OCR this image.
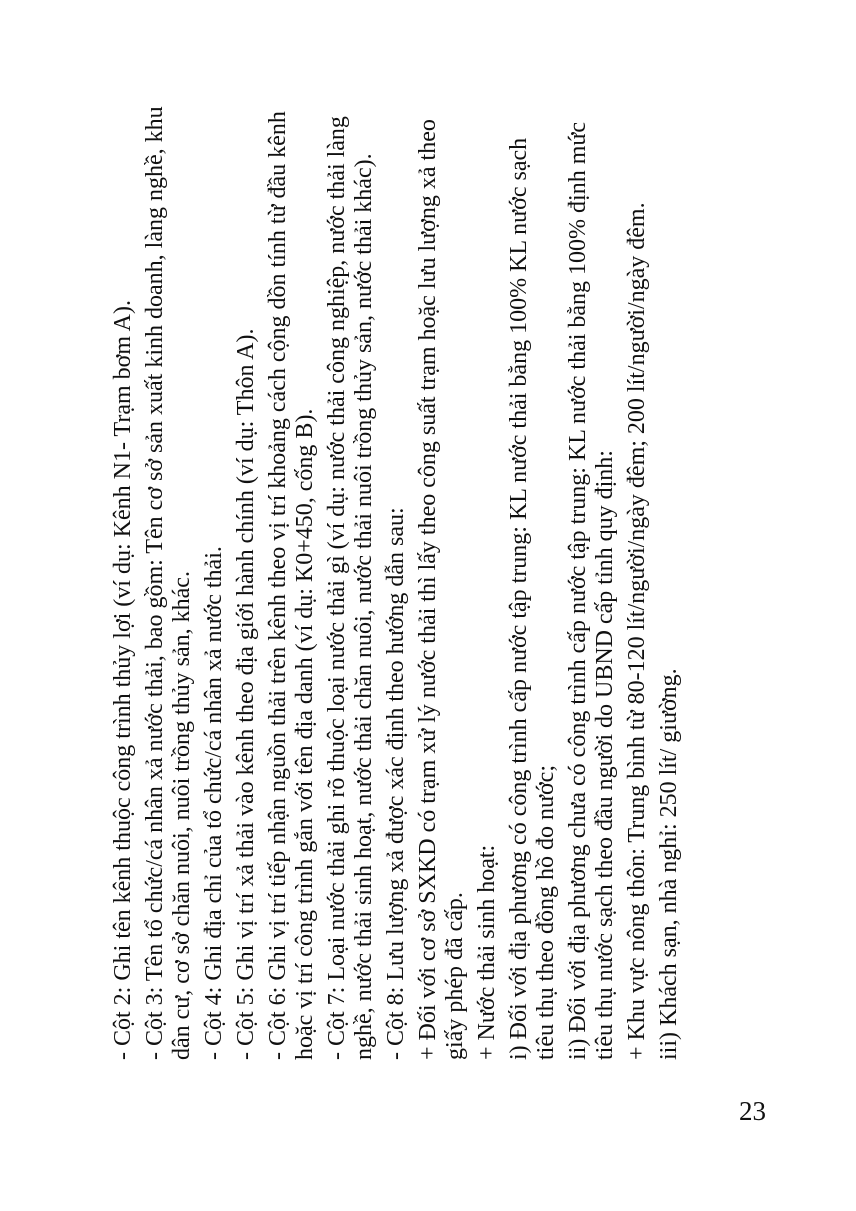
- Cột 2: Ghi tên kênh thuộc công trình thủy lợi (ví dụ: Kênh N1- Trạm bơm A). - Cột 3: Tên tổ chức/cá nhân xả nước thải, bao gồm: Tên cơ sở sản xuất kinh doanh, làng nghề, khu dân cư, cơ sở chăn nuôi, nuôi trồng thủy sản, khác. - Cột 4: Ghi địa chỉ của tổ chức/cá nhân xả nước thải. - Cột 5: Ghi vị trí xả thải vào kênh theo địa giới hành chính (ví dụ: Thôn A). - Cột 6: Ghi vị trí tiếp nhận nguồn thải trên kênh theo vị trí khoảng cách cộng dồn tính từ đầu kênh hoặc vị trí công trình gắn với tên địa danh (ví dụ: K0+450, cống B). - Cột 7: Loại nước thải ghi rõ thuộc loại nước thải gì (ví dụ: nước thải công nghiệp, nước thải làng nghề, nước thải sinh hoạt, nước thải chăn nuôi, nước thải nuôi trồng thủy sản, nước thải khác). - Cột 8: Lưu lượng xả được xác định theo hướng dẫn sau: + Đối với cơ sở SXKD có trạm xử lý nước thải thì lấy theo công suất trạm hoặc lưu lượng xả theo giấy phép đã cấp. + Nước thải sinh hoạt: i) Đối với địa phương có công trình cấp nước tập trung: KL nước thải bằng 100% KL nước sạch tiêu thụ theo đồng hồ đo nước; ii) Đối với địa phương chưa có công trình cấp nước tập trung: KL nước thải bằng 100% định mức tiêu thụ nước sạch theo đầu người do UBND cấp tỉnh quy định: + Khu vực nông thôn: Trung bình từ 80-120 lít/người/ngày đêm; 200 lít/người/ngày đêm. iii) Khách sạn, nhà nghỉ: 250 lít/ giường.

23
